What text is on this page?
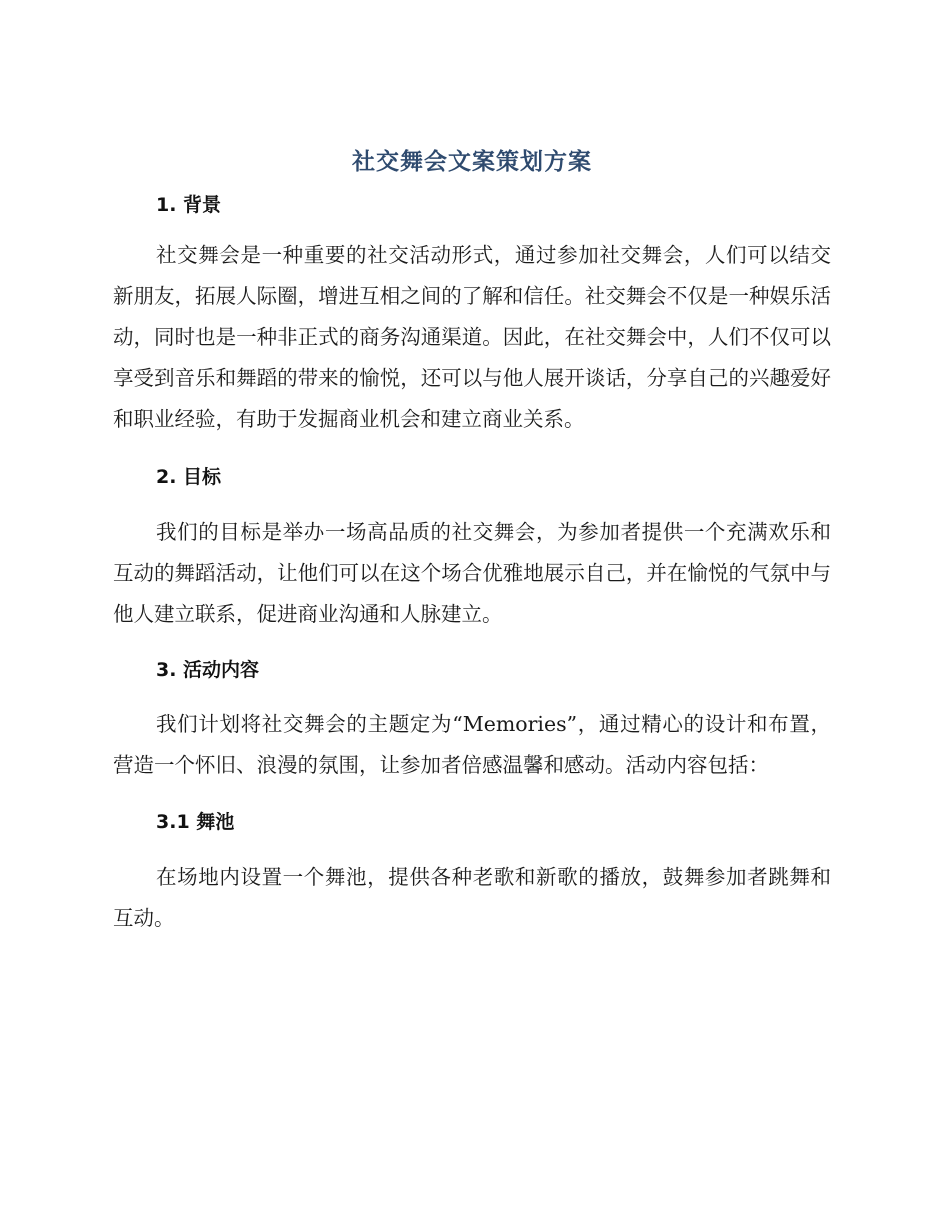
社交舞会文案策划方案
1. 背景

社交舞会是一种重要的社交活动形式，通过参加社交舞会，人们可以结交新朋友，拓展人际圈，增进互相之间的了解和信任。社交舞会不仅是一种娱乐活动，同时也是一种非正式的商务沟通渠道。因此，在社交舞会中，人们不仅可以享受到音乐和舞蹈的带来的愉悦，还可以与他人展开谈话，分享自己的兴趣爱好和职业经验，有助于发掘商业机会和建立商业关系。

2. 目标

我们的目标是举办一场高品质的社交舞会，为参加者提供一个充满欢乐和互动的舞蹈活动，让他们可以在这个场合优雅地展示自己，并在愉悦的气氛中与他人建立联系，促进商业沟通和人脉建立。

3. 活动内容

我们计划将社交舞会的主题定为“Memories”，通过精心的设计和布置，营造一个怀旧、浪漫的氛围，让参加者倍感温馨和感动。活动内容包括：

3.1 舞池

在场地内设置一个舞池，提供各种老歌和新歌的播放，鼓舞参加者跳舞和互动。
